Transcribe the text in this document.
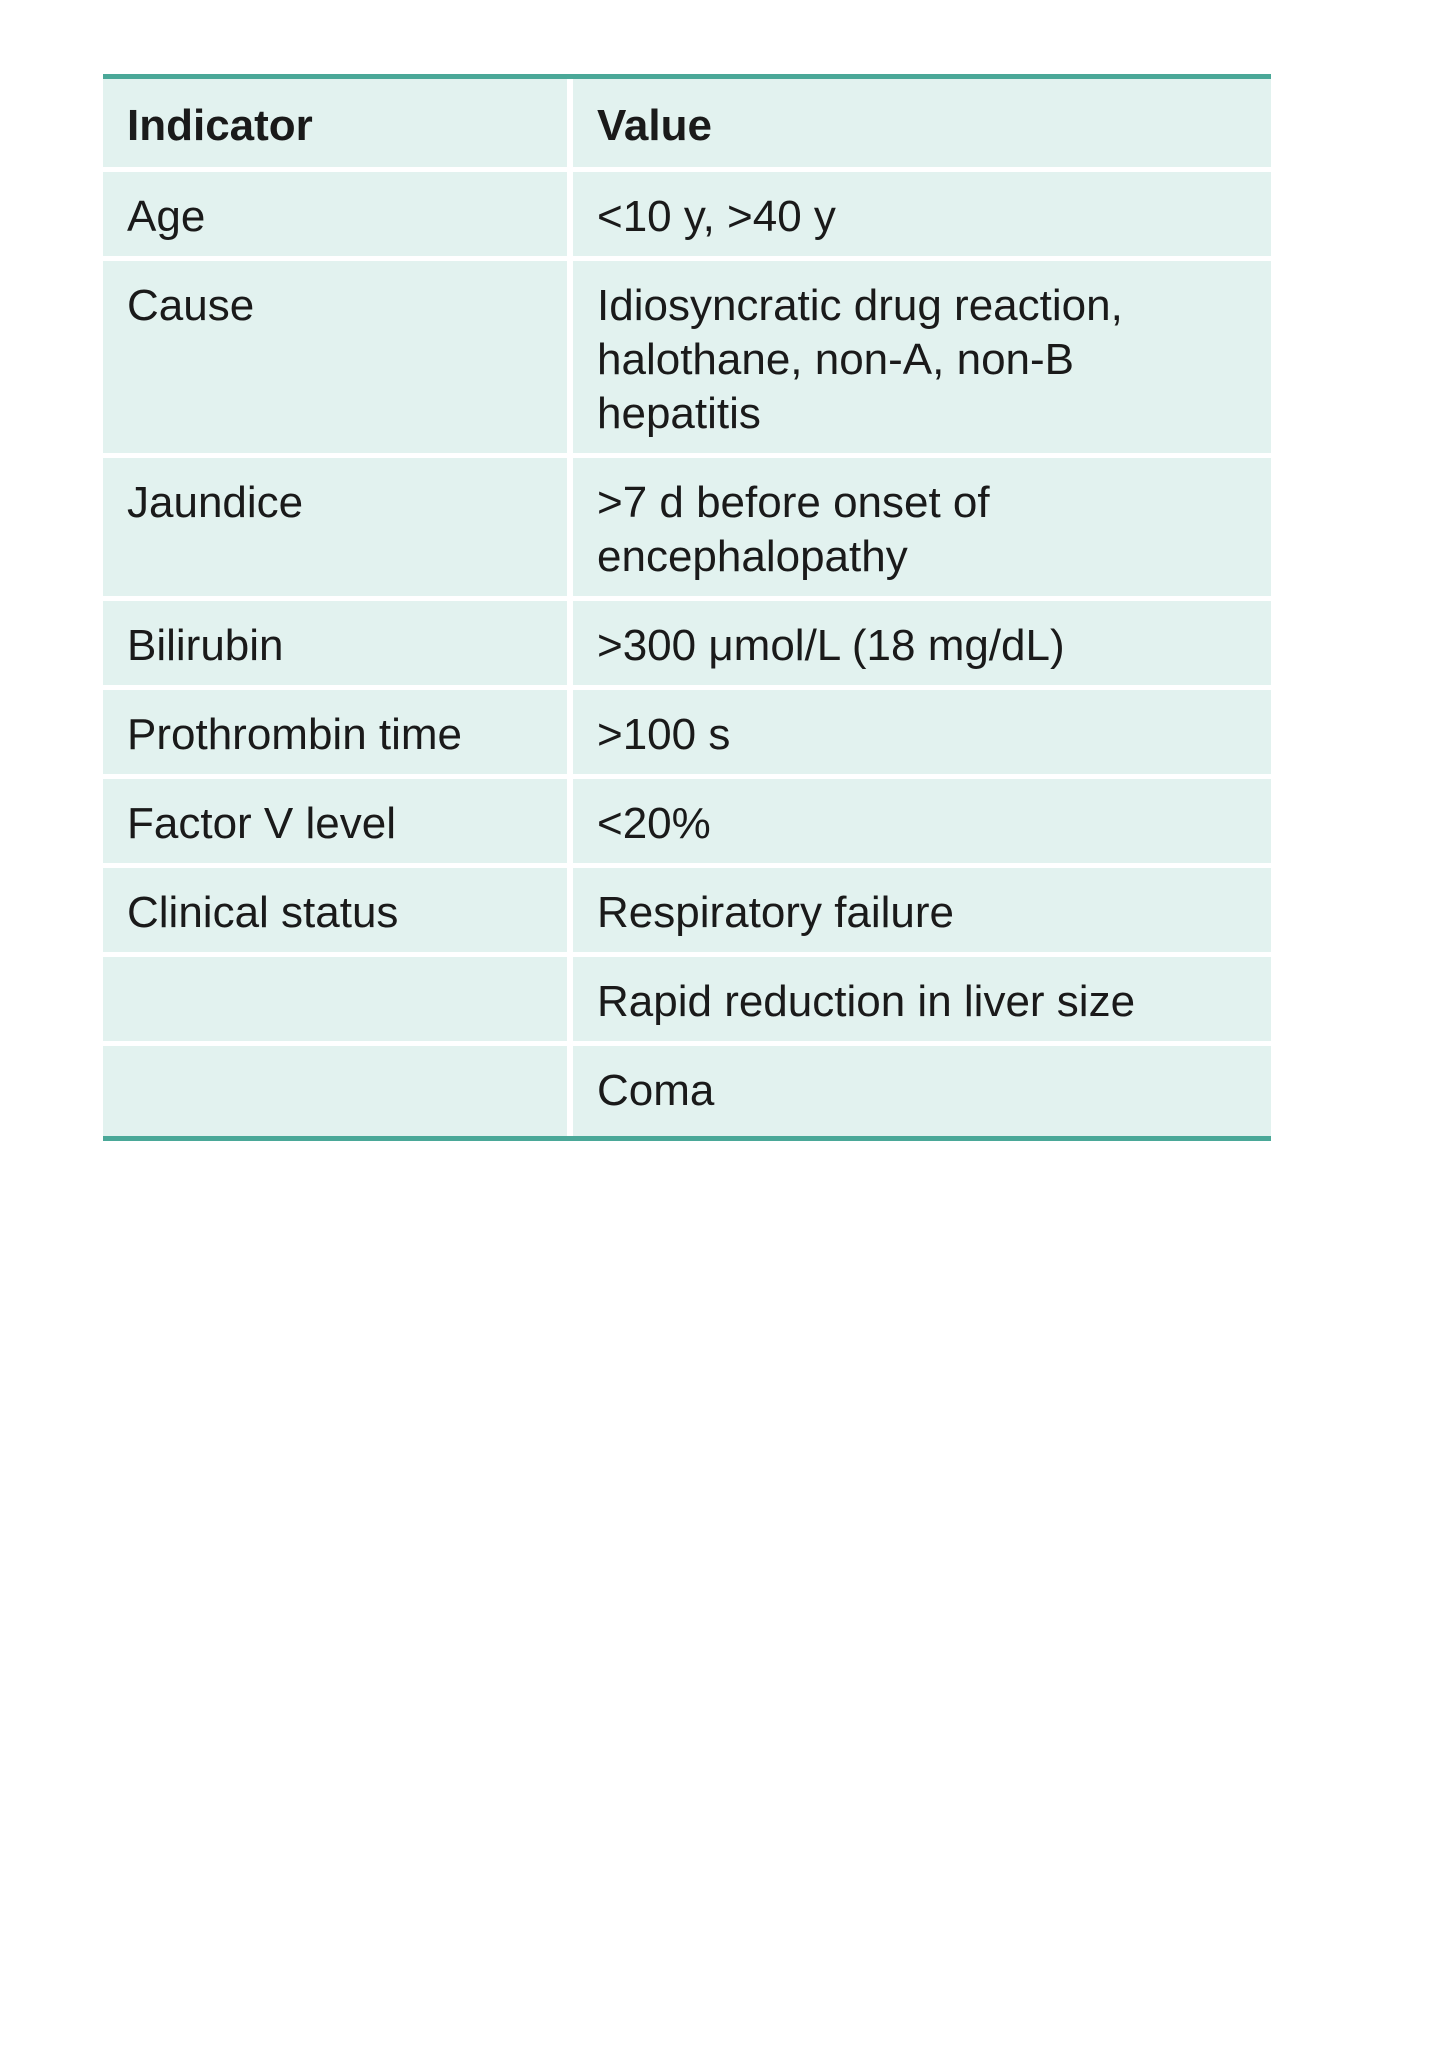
Indicator	Value
Age	<10 y, >40 y
Cause	Idiosyncratic drug reaction, halothane, non-A, non-B hepatitis
Jaundice	>7 d before onset of encephalopathy
Bilirubin	>300 μmol/L (18 mg/dL)
Prothrombin time	>100 s
Factor V level	<20%
Clinical status	Respiratory failure
	Rapid reduction in liver size
	Coma
